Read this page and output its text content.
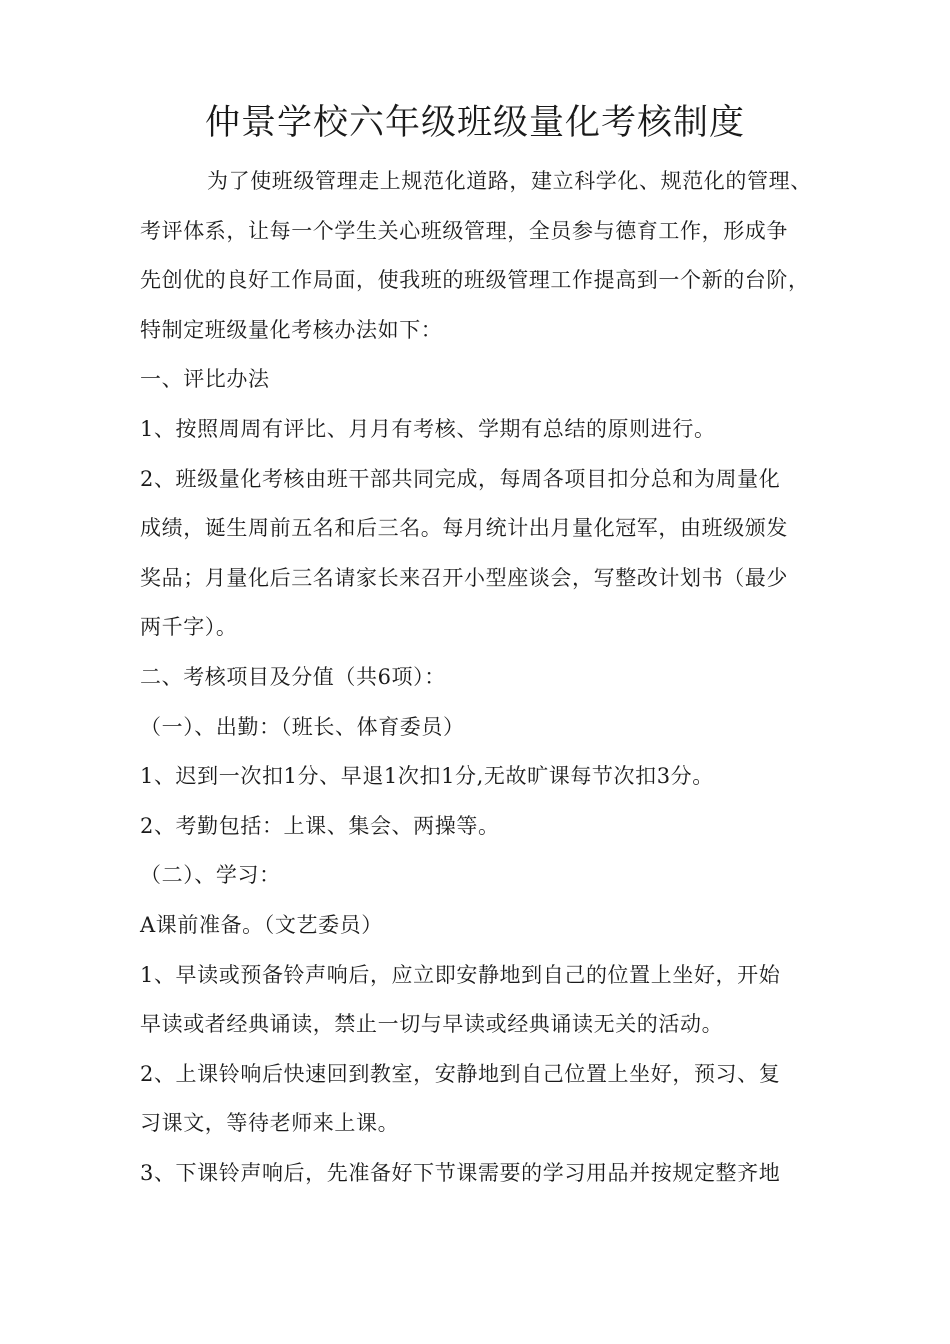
仲景学校六年级班级量化考核制度
为了使班级管理走上规范化道路，建立科学化、规范化的管理、
考评体系，让每一个学生关心班级管理，全员参与德育工作，形成争
先创优的良好工作局面，使我班的班级管理工作提高到一个新的台阶，
特制定班级量化考核办法如下：
一、评比办法
1、按照周周有评比、月月有考核、学期有总结的原则进行。
2、班级量化考核由班干部共同完成，每周各项目扣分总和为周量化
成绩，诞生周前五名和后三名。每月统计出月量化冠军，由班级颁发
奖品；月量化后三名请家长来召开小型座谈会，写整改计划书（最少
两千字）。
二、考核项目及分值（共6项）：
（一）、出勤：（班长、体育委员）
1、迟到一次扣1分、早退1次扣1分,无故旷课每节次扣3分。
2、考勤包括：上课、集会、两操等。
（二）、学习：
A课前准备。（文艺委员）
1、早读或预备铃声响后，应立即安静地到自己的位置上坐好，开始
早读或者经典诵读，禁止一切与早读或经典诵读无关的活动。
2、上课铃响后快速回到教室，安静地到自己位置上坐好，预习、复
习课文，等待老师来上课。
3、下课铃声响后，先准备好下节课需要的学习用品并按规定整齐地
